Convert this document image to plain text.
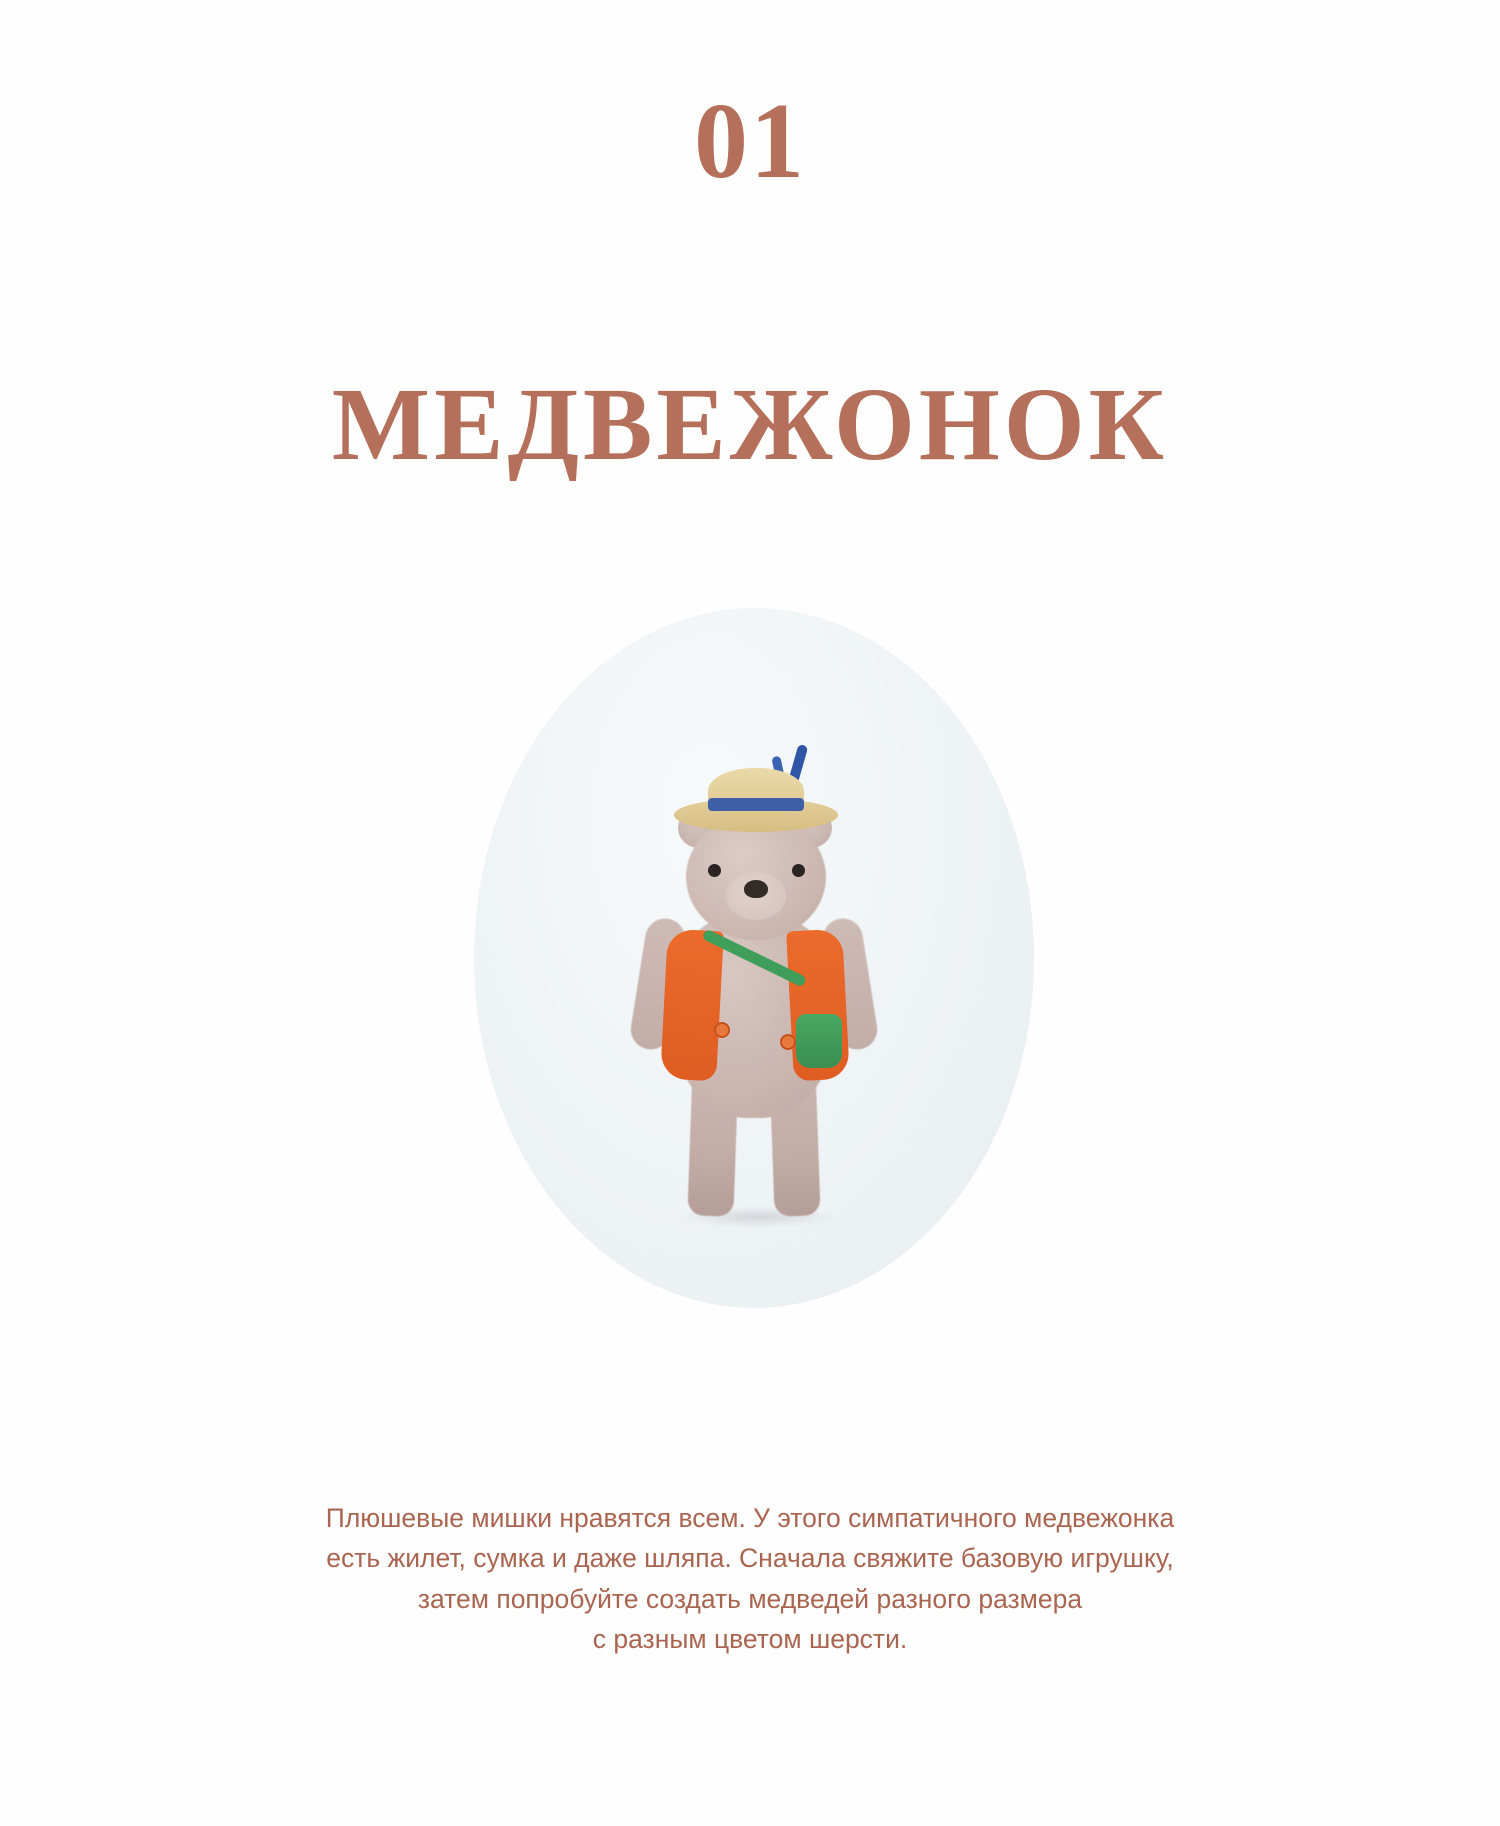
01
МЕДВЕЖОНОК

Плюшевые мишки нравятся всем. У этого симпатичного медвежонка

есть жилет, сумка и даже шляпа. Сначала свяжите базовую игрушку,

затем попробуйте создать медведей разного размера

с разным цветом шерсти.
